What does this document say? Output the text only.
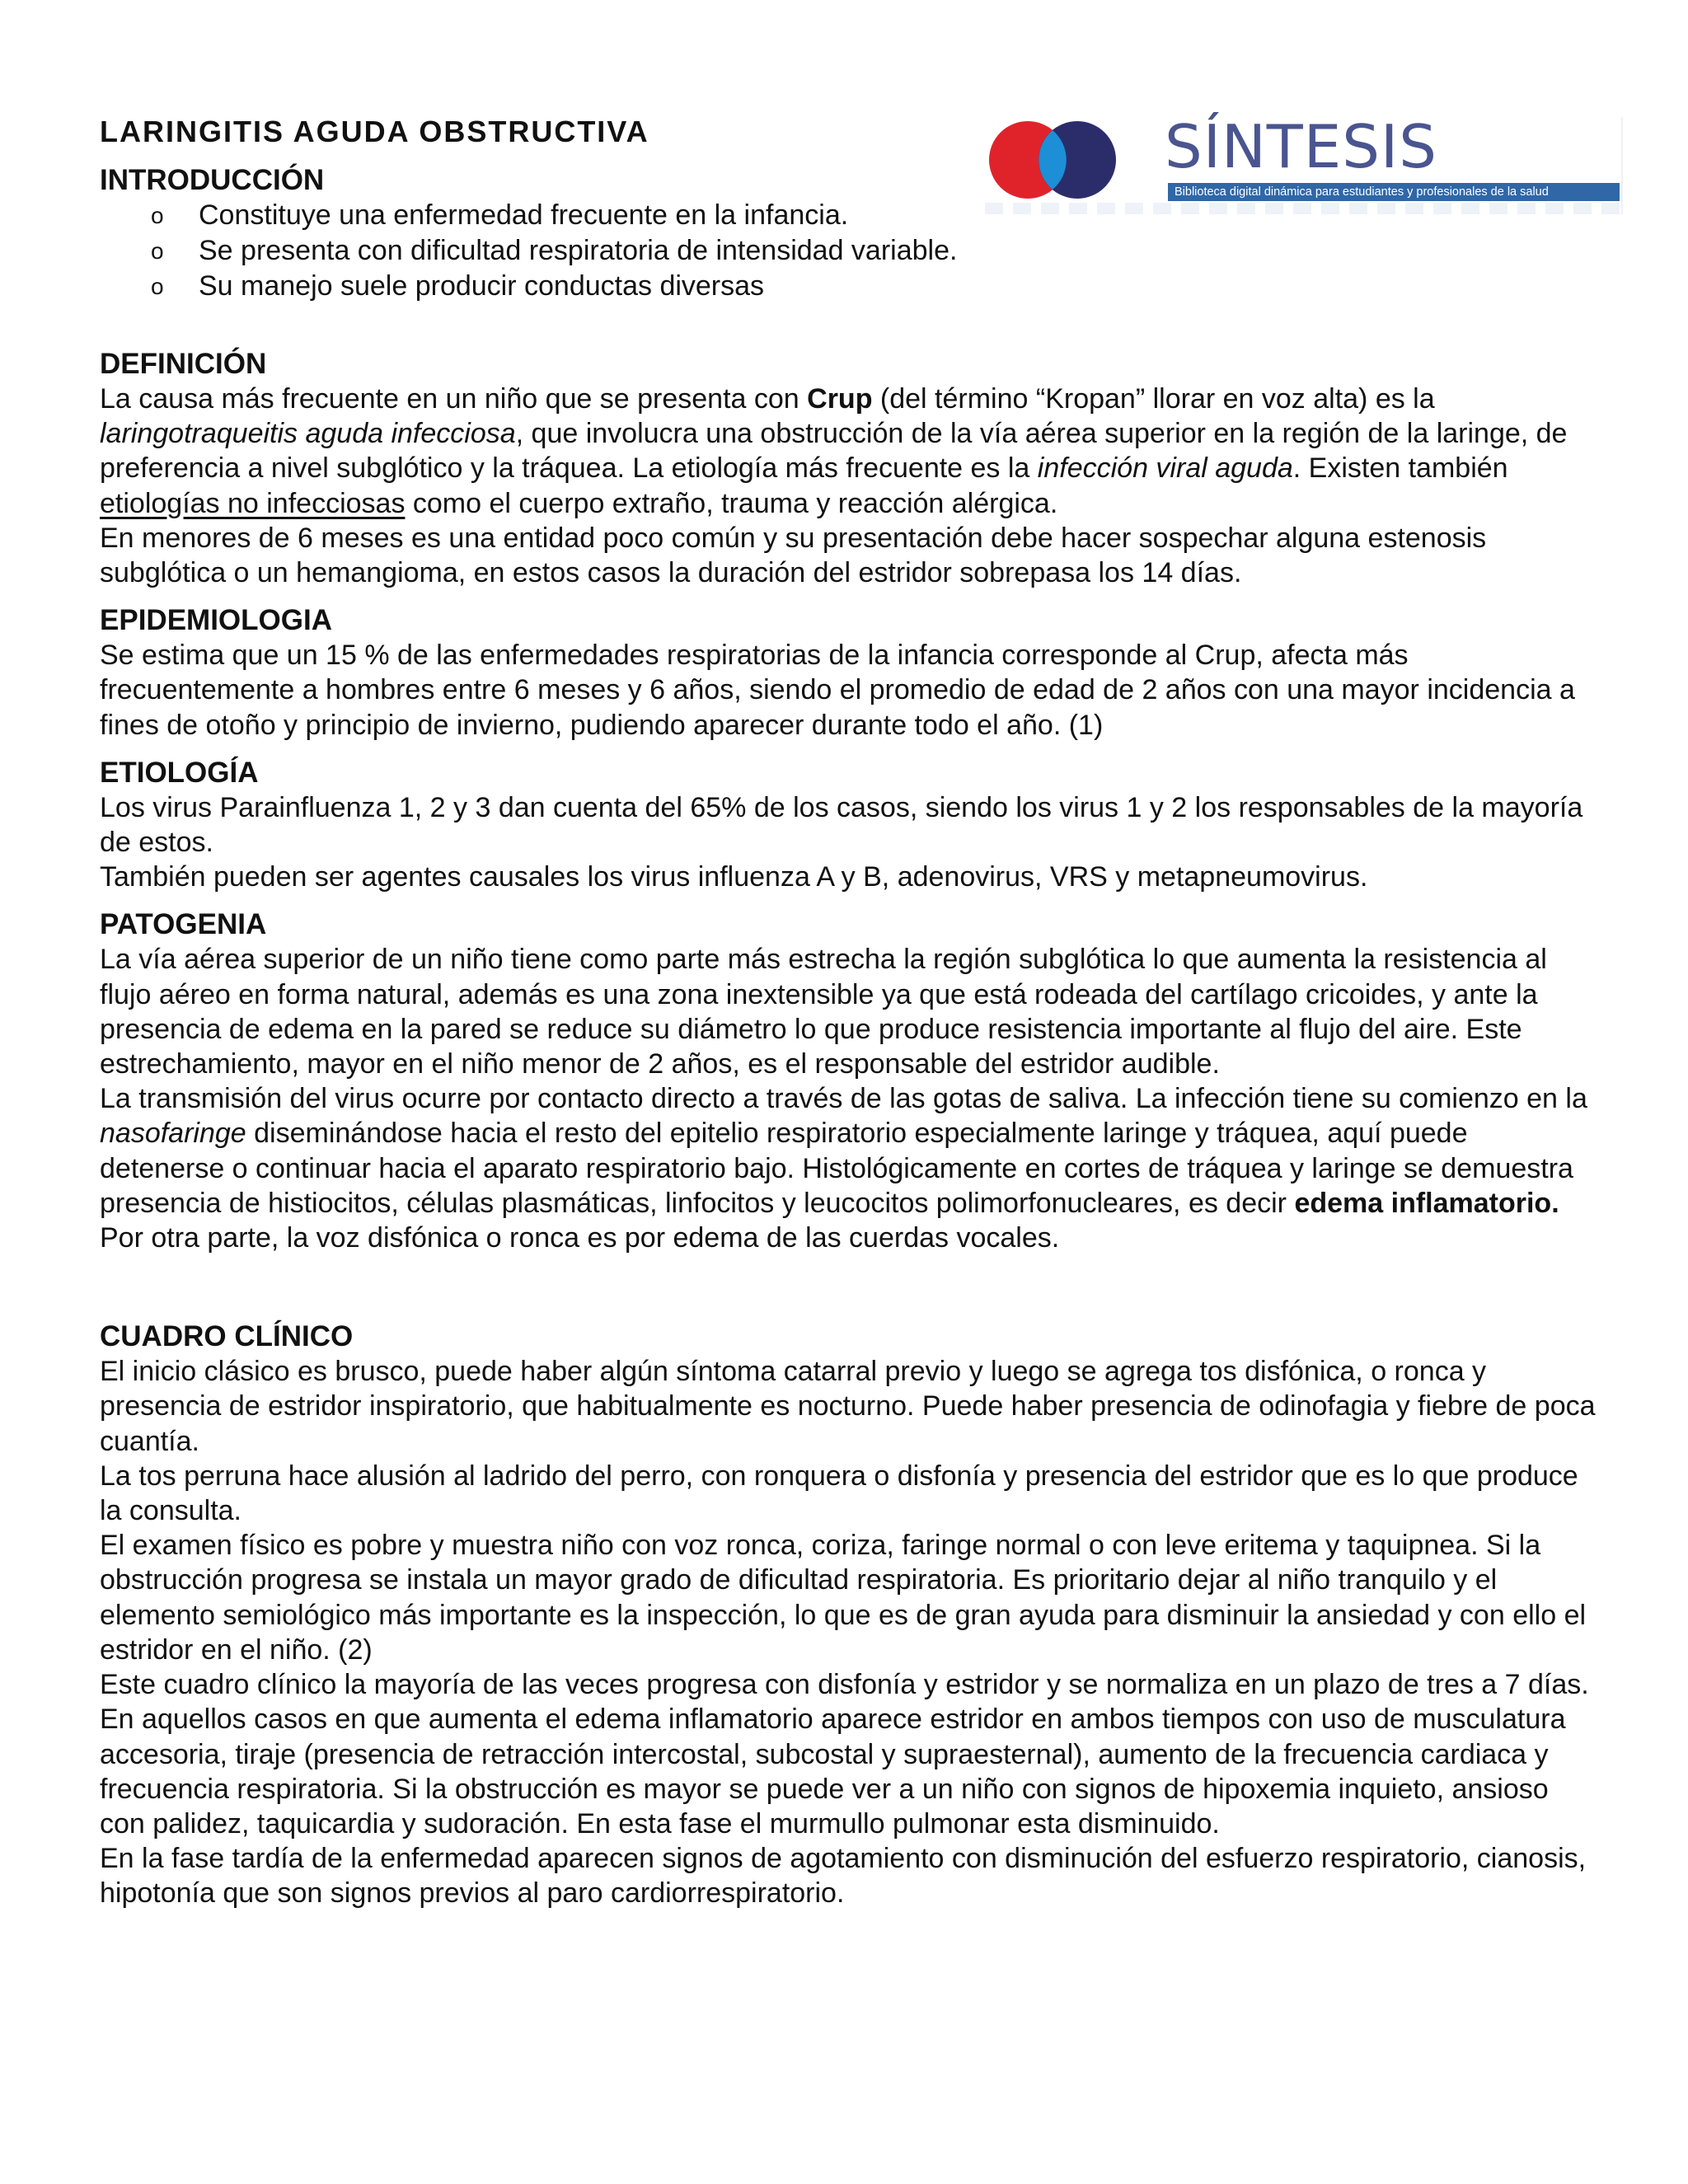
SÍNTESIS
Biblioteca digital dinámica para estudiantes y profesionales de la salud
LARINGITIS AGUDA OBSTRUCTIVA
INTRODUCCIÓN
o Constituye una enfermedad frecuente en la infancia.
o Se presenta con dificultad respiratoria de intensidad variable.
o Su manejo suele producir conductas diversas
DEFINICIÓN

La causa más frecuente en un niño que se presenta con Crup (del término “Kropan” llorar en voz alta) es la laringotraqueitis aguda infecciosa, que involucra una obstrucción de la vía aérea superior en la región de la laringe, de preferencia a nivel subglótico y la tráquea. La etiología más frecuente es la infección viral aguda. Existen también etiologías no infecciosas como el cuerpo extraño, trauma y reacción alérgica.

En menores de 6 meses es una entidad poco común y su presentación debe hacer sospechar alguna estenosis subglótica o un hemangioma, en estos casos la duración del estridor sobrepasa los 14 días.

EPIDEMIOLOGIA

Se estima que un 15 % de las enfermedades respiratorias de la infancia corresponde al Crup, afecta más frecuentemente a hombres entre 6 meses y 6 años, siendo el promedio de edad de 2 años con una mayor incidencia a fines de otoño y principio de invierno, pudiendo aparecer durante todo el año. (1)

ETIOLOGÍA

Los virus Parainfluenza 1, 2 y 3 dan cuenta del 65% de los casos, siendo los virus 1 y 2 los responsables de la mayoría de estos.

También pueden ser agentes causales los virus influenza A y B, adenovirus, VRS y metapneumovirus.

PATOGENIA

La vía aérea superior de un niño tiene como parte más estrecha la región subglótica lo que aumenta la resistencia al flujo aéreo en forma natural, además es una zona inextensible ya que está rodeada del cartílago cricoides, y ante la presencia de edema en la pared se reduce su diámetro lo que produce resistencia importante al flujo del aire. Este estrechamiento, mayor en el niño menor de 2 años, es el responsable del estridor audible.

La transmisión del virus ocurre por contacto directo a través de las gotas de saliva. La infección tiene su comienzo en la nasofaringe diseminándose hacia el resto del epitelio respiratorio especialmente laringe y tráquea, aquí puede detenerse o continuar hacia el aparato respiratorio bajo. Histológicamente en cortes de tráquea y laringe se demuestra presencia de histiocitos, células plasmáticas, linfocitos y leucocitos polimorfonucleares, es decir edema inflamatorio.

Por otra parte, la voz disfónica o ronca es por edema de las cuerdas vocales.

CUADRO CLÍNICO

El inicio clásico es brusco, puede haber algún síntoma catarral previo y luego se agrega tos disfónica, o ronca y presencia de estridor inspiratorio, que habitualmente es nocturno. Puede haber presencia de odinofagia y fiebre de poca cuantía.

La tos perruna hace alusión al ladrido del perro, con ronquera o disfonía y presencia del estridor que es lo que produce la consulta.

El examen físico es pobre y muestra niño con voz ronca, coriza, faringe normal o con leve eritema y taquipnea. Si la obstrucción progresa se instala un mayor grado de dificultad respiratoria. Es prioritario dejar al niño tranquilo y el elemento semiológico más importante es la inspección, lo que es de gran ayuda para disminuir la ansiedad y con ello el estridor en el niño. (2)

Este cuadro clínico la mayoría de las veces progresa con disfonía y estridor y se normaliza en un plazo de tres a 7 días. En aquellos casos en que aumenta el edema inflamatorio aparece estridor en ambos tiempos con uso de musculatura accesoria, tiraje (presencia de retracción intercostal, subcostal y supraesternal), aumento de la frecuencia cardiaca y frecuencia respiratoria. Si la obstrucción es mayor se puede ver a un niño con signos de hipoxemia inquieto, ansioso con palidez, taquicardia y sudoración. En esta fase el murmullo pulmonar esta disminuido.

En la fase tardía de la enfermedad aparecen signos de agotamiento con disminución del esfuerzo respiratorio, cianosis, hipotonía que son signos previos al paro cardiorrespiratorio.
